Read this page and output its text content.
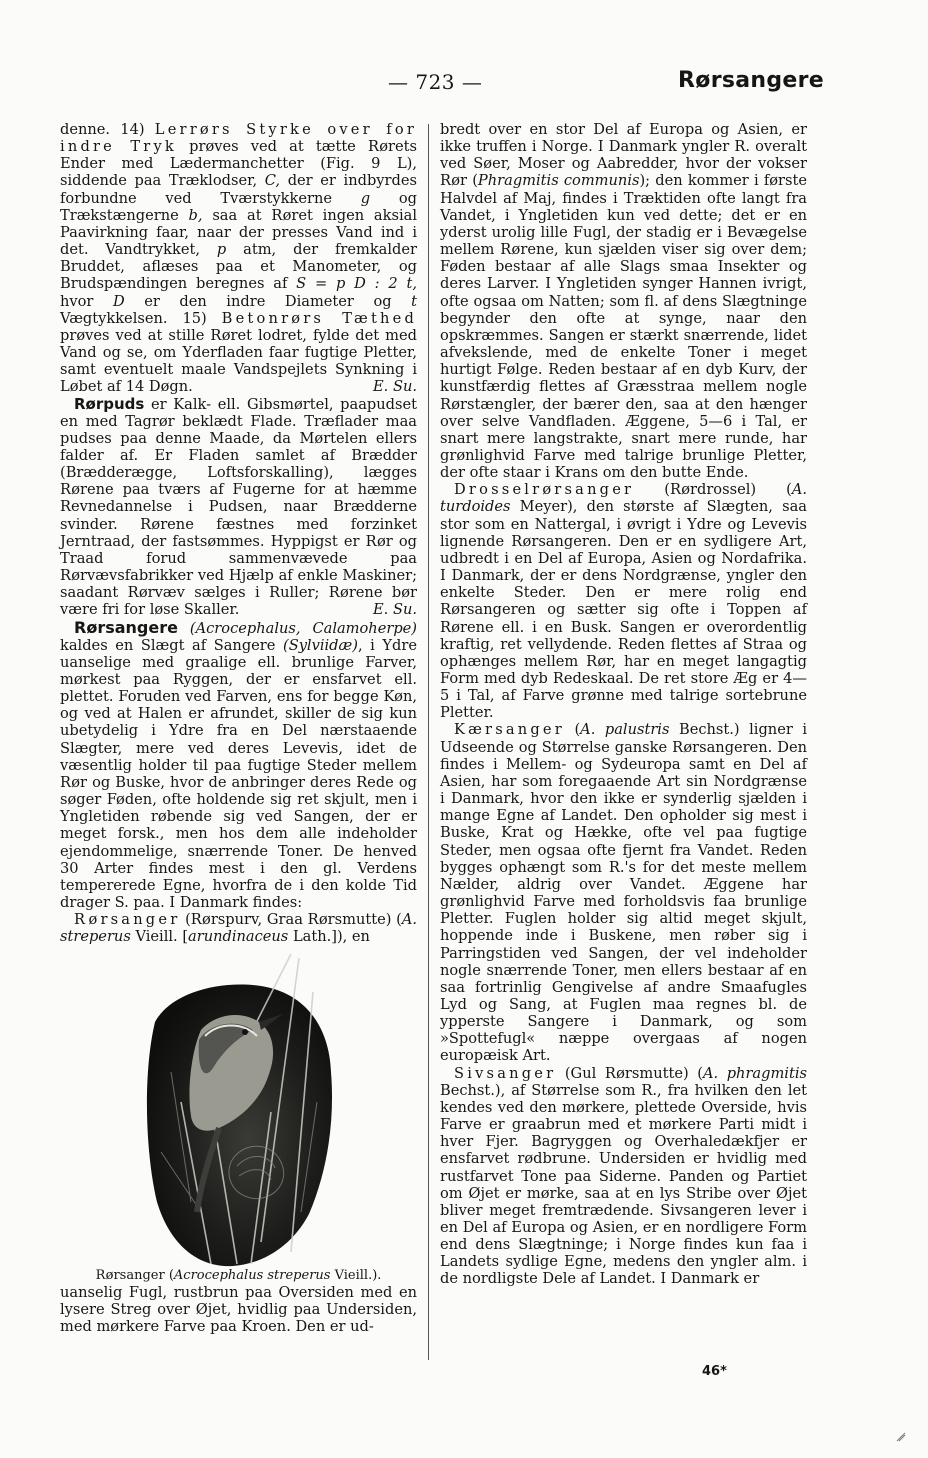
— 723 —	Rørsangere

denne. 14) Lerrørs Styrke over for indre Tryk prøves ved at tætte Rørets Ender med Lædermanchetter (Fig. 9 L), siddende paa Træklodser, C, der er indbyrdes forbundne ved Tværstykkerne g og Trækstængerne b, saa at Røret ingen aksial Paavirkning faar, naar der presses Vand ind i det. Vandtrykket, p atm, der fremkalder Bruddet, aflæses paa et Manometer, og Brudspændingen beregnes af S = p D : 2 t, hvor D er den indre Diameter og t Vægtykkelsen. 15) Betonrørs Tæthed prøves ved at stille Røret lodret, fylde det med Vand og se, om Yderfladen faar fugtige Pletter, samt eventuelt maale Vandspejlets Synkning i Løbet af 14 Døgn.	E. Su.

Rørpuds er Kalk- ell. Gibsmørtel, paapudset en med Tagrør beklædt Flade. Træflader maa pudses paa denne Maade, da Mørtelen ellers falder af. Er Fladen samlet af Brædder (Brædderægge, Loftsforskalling), lægges Rørene paa tværs af Fugerne for at hæmme Revnedannelse i Pudsen, naar Brædderne svinder. Rørene fæstnes med forzinket Jerntraad, der fastsømmes. Hyppigst er Rør og Traad forud sammenvævede paa Rørvævsfabrikker ved Hjælp af enkle Maskiner; saadant Rørvæv sælges i Ruller; Rørene bør være fri for løse Skaller.	E. Su.

Rørsangere (Acrocephalus, Calamoherpe) kaldes en Slægt af Sangere (Sylviidæ), i Ydre uanselige med graalige ell. brunlige Farver, mørkest paa Ryggen, der er ensfarvet ell. plettet. Foruden ved Farven, ens for begge Køn, og ved at Halen er afrundet, skiller de sig kun ubetydelig i Ydre fra en Del nærstaaende Slægter, mere ved deres Levevis, idet de væsentlig holder til paa fugtige Steder mellem Rør og Buske, hvor de anbringer deres Rede og søger Føden, ofte holdende sig ret skjult, men i Yngletiden røbende sig ved Sangen, der er meget forsk., men hos dem alle indeholder ejendommelige, snærrende Toner. De henved 30 Arter findes mest i den gl. Verdens tempererede Egne, hvorfra de i den kolde Tid drager S. paa. I Danmark findes:

Rørsanger (Rørspurv, Graa Rørsmutte) (A. streperus Vieill. [arundinaceus Lath.]), en

Rørsanger (Acrocephalus streperus Vieill.).

uanselig Fugl, rustbrun paa Oversiden med en lysere Streg over Øjet, hvidlig paa Undersiden, med mørkere Farve paa Kroen. Den er ud-

bredt over en stor Del af Europa og Asien, er ikke truffen i Norge. I Danmark yngler R. overalt ved Søer, Moser og Aabredder, hvor der vokser Rør (Phragmitis communis); den kommer i første Halvdel af Maj, findes i Træktiden ofte langt fra Vandet, i Yngletiden kun ved dette; det er en yderst urolig lille Fugl, der stadig er i Bevægelse mellem Rørene, kun sjælden viser sig over dem; Føden bestaar af alle Slags smaa Insekter og deres Larver. I Yngletiden synger Hannen ivrigt, ofte ogsaa om Natten; som fl. af dens Slægtninge begynder den ofte at synge, naar den opskræmmes. Sangen er stærkt snærrende, lidet afvekslende, med de enkelte Toner i meget hurtigt Følge. Reden bestaar af en dyb Kurv, der kunstfærdig flettes af Græsstraa mellem nogle Rørstængler, der bærer den, saa at den hænger over selve Vandfladen. Æggene, 5—6 i Tal, er snart mere langstrakte, snart mere runde, har grønlighvid Farve med talrige brunlige Pletter, der ofte staar i Krans om den butte Ende.

Drosselrørsanger (Rørdrossel) (A. turdoides Meyer), den største af Slægten, saa stor som en Nattergal, i øvrigt i Ydre og Levevis lignende Rørsangeren. Den er en sydligere Art, udbredt i en Del af Europa, Asien og Nordafrika. I Danmark, der er dens Nordgrænse, yngler den enkelte Steder. Den er mere rolig end Rørsangeren og sætter sig ofte i Toppen af Rørene ell. i en Busk. Sangen er overordentlig kraftig, ret vellydende. Reden flettes af Straa og ophænges mellem Rør, har en meget langagtig Form med dyb Redeskaal. De ret store Æg er 4—5 i Tal, af Farve grønne med talrige sortebrune Pletter.

Kærsanger (A. palustris Bechst.) ligner i Udseende og Størrelse ganske Rørsangeren. Den findes i Mellem- og Sydeuropa samt en Del af Asien, har som foregaaende Art sin Nordgrænse i Danmark, hvor den ikke er synderlig sjælden i mange Egne af Landet. Den opholder sig mest i Buske, Krat og Hække, ofte vel paa fugtige Steder, men ogsaa ofte fjernt fra Vandet. Reden bygges ophængt som R.'s for det meste mellem Nælder, aldrig over Vandet. Æggene har grønlighvid Farve med forholdsvis faa brunlige Pletter. Fuglen holder sig altid meget skjult, hoppende inde i Buskene, men røber sig i Parringstiden ved Sangen, der vel indeholder nogle snærrende Toner, men ellers bestaar af en saa fortrinlig Gengivelse af andre Smaafugles Lyd og Sang, at Fuglen maa regnes bl. de ypperste Sangere i Danmark, og som »Spottefugl« næppe overgaas af nogen europæisk Art.

Sivsanger (Gul Rørsmutte) (A. phragmitis Bechst.), af Størrelse som R., fra hvilken den let kendes ved den mørkere, plettede Overside, hvis Farve er graabrun med et mørkere Parti midt i hver Fjer. Bagryggen og Overhaledækfjer er ensfarvet rødbrune. Undersiden er hvidlig med rustfarvet Tone paa Siderne. Panden og Partiet om Øjet er mørke, saa at en lys Stribe over Øjet bliver meget fremtrædende. Sivsangeren lever i en Del af Europa og Asien, er en nordligere Form end dens Slægtninge; i Norge findes kun faa i Landets sydlige Egne, medens den yngler alm. i de nordligste Dele af Landet. I Danmark er

46*
